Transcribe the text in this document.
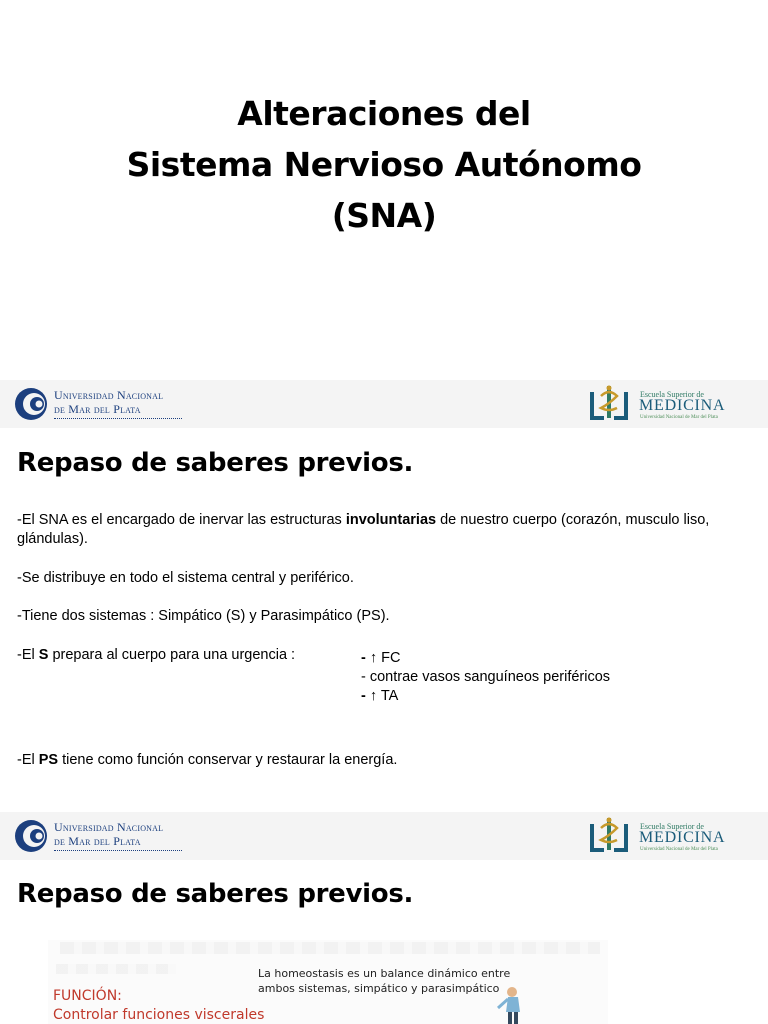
Alteraciones del
Sistema Nervioso Autónomo
(SNA)
Universidad Nacional
de Mar del Plata
Escuela Superior de
MEDICINA
Universidad Nacional de Mar del Plata
Repaso de saberes previos.
-El SNA es el encargado de inervar las estructuras involuntarias de nuestro cuerpo (corazón, musculo liso, glándulas).
-Se distribuye en todo el sistema central y periférico.
-Tiene dos sistemas : Simpático (S) y Parasimpático (PS).
-El S prepara al cuerpo para una urgencia :	- ↑ FC
- contrae vasos sanguíneos periféricos
- ↑ TA
-El PS tiene como función conservar y restaurar la energía.
Universidad Nacional
de Mar del Plata
Escuela Superior de
MEDICINA
Universidad Nacional de Mar del Plata
Repaso de saberes previos.
La homeostasis es un balance dinámico entre
ambos sistemas, simpático y parasimpático
FUNCIÓN:
Controlar funciones viscerales
